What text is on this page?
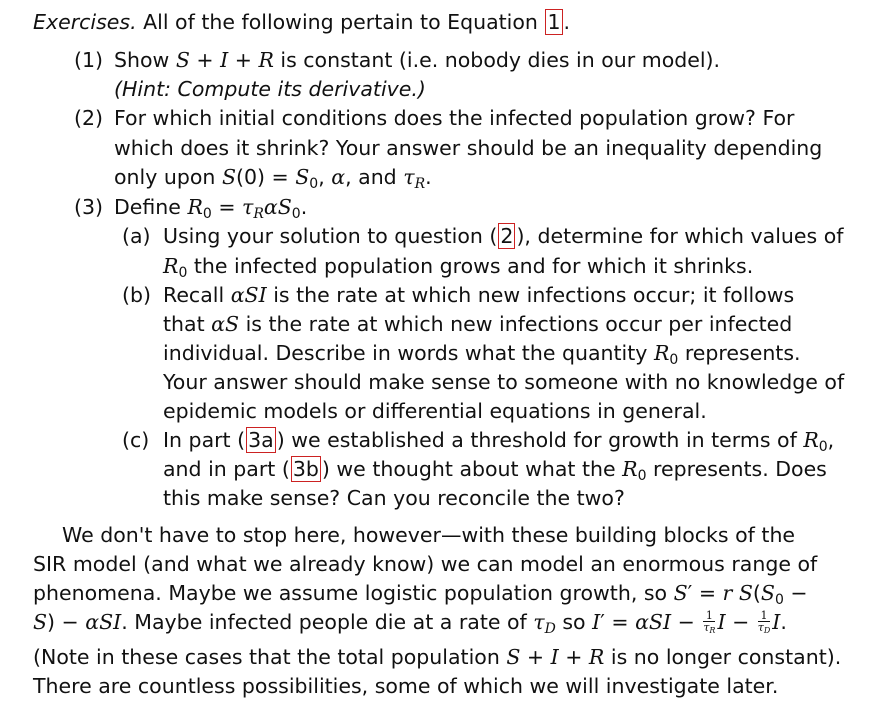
Exercises. All of the following pertain to Equation 1 .
(1) Show S + I + R is constant (i.e. nobody dies in our model).
(Hint: Compute its derivative.)
(2) For which initial conditions does the infected population grow? For
which does it shrink? Your answer should be an inequality depending
only upon $S(0) = S_0$, α, and $\tau_R$.
(3) Define $R_0 = \tau_R\alpha S_0$.
(a) Using your solution to question ( 2 ), determine for which values of
$R_0$ the infected population grows and for which it shrinks.
(b) Recall αSI is the rate at which new infections occur; it follows
that αS is the rate at which new infections occur per infected
individual. Describe in words what the quantity $R_0$ represents.
Your answer should make sense to someone with no knowledge of
epidemic models or differential equations in general.
(c) In part ( 3a ) we established a threshold for growth in terms of $R_0$,
and in part ( 3b ) we thought about what the $R_0$ represents. Does
this make sense? Can you reconcile the two?
We don't have to stop here, however—with these building blocks of the
SIR model (and what we already know) we can model an enormous range of
phenomena. Maybe we assume logistic population growth, so S′ = r $S(S_0$ −
S) − αSI. Maybe infected people die at a rate of $\tau_D$ so $I' = \alpha SI - \frac{1}{\tau_R}$ $I - \frac{1}{\tau_D} I$.
(Note in these cases that the total population S + I + R is no longer constant).
There are countless possibilities, some of which we will investigate later.
